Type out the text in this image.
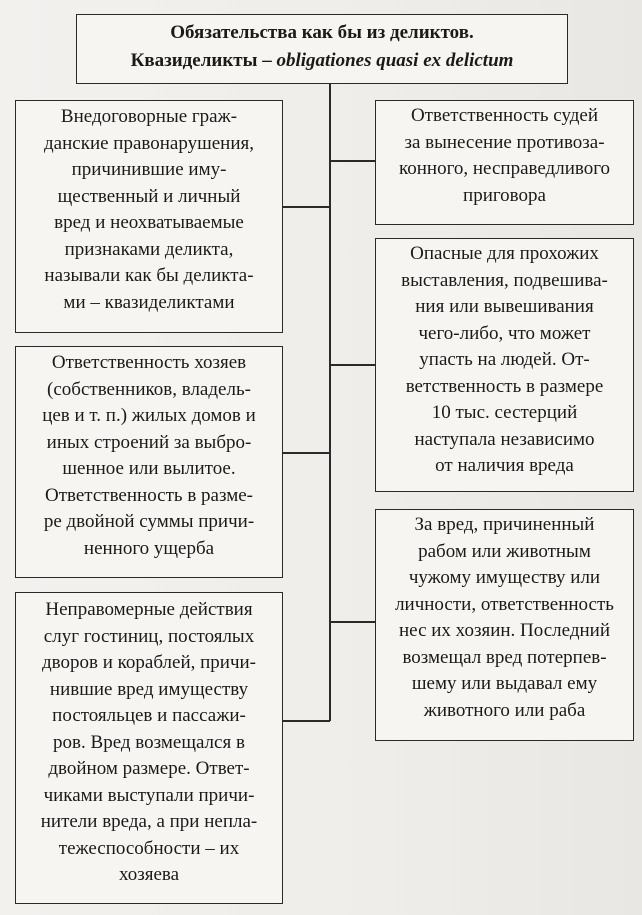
Обязательства как бы из деликтов.
Квазиделикты – obligationes quasi ex delictum
Внедоговорные граж-
данские правонарушения,
причинившие иму-
щественный и личный
вред и неохватываемые
признаками деликта,
называли как бы деликта-
ми – квазиделиктами
Ответственность хозяев
(собственников, владель-
цев и т. п.) жилых домов и
иных строений за выбро-
шенное или вылитое.
Ответственность в разме-
ре двойной суммы причи-
ненного ущерба
Неправомерные действия
слуг гостиниц, постоялых
дворов и кораблей, причи-
нившие вред имуществу
постояльцев и пассажи-
ров. Вред возмещался в
двойном размере. Ответ-
чиками выступали причи-
нители вреда, а при непла-
тежеспособности – их
хозяева
Ответственность судей
за вынесение противоза-
конного, несправедливого
приговора
Опасные для прохожих
выставления, подвешива-
ния или вывешивания
чего-либо, что может
упасть на людей. От-
ветственность в размере
10 тыс. сестерций
наступала независимо
от наличия вреда
За вред, причиненный
рабом или животным
чужому имуществу или
личности, ответственность
нес их хозяин. Последний
возмещал вред потерпев-
шему или выдавал ему
животного или раба
